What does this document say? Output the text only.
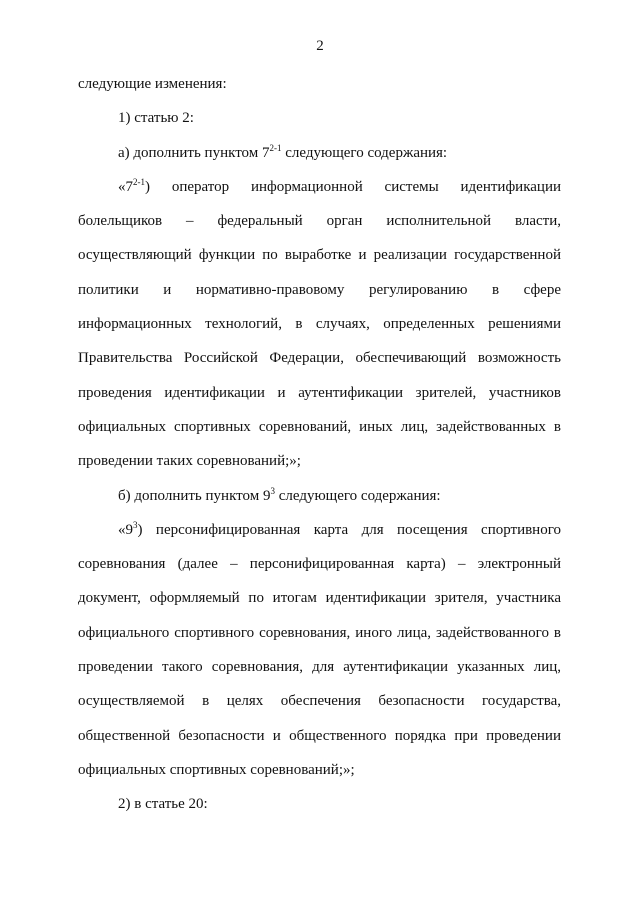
2

следующие изменения:

1) статью 2:

а) дополнить пунктом 7$^{2-1}$ следующего содержания:

«7$^{2-1}$) оператор информационной системы идентификации

болельщиков – федеральный орган исполнительной власти,

осуществляющий функции по выработке и реализации государственной

политики и нормативно-правовому регулированию в сфере

информационных технологий, в случаях, определенных решениями

Правительства Российской Федерации, обеспечивающий возможность

проведения идентификации и аутентификации зрителей, участников

официальных спортивных соревнований, иных лиц, задействованных в

проведении таких соревнований;»;

б) дополнить пунктом $9^3$ следующего содержания:

«$9^3$) персонифицированная карта для посещения спортивного

соревнования (далее – персонифицированная карта) – электронный

документ, оформляемый по итогам идентификации зрителя, участника

официального спортивного соревнования, иного лица, задействованного в

проведении такого соревнования, для аутентификации указанных лиц,

осуществляемой в целях обеспечения безопасности государства,

общественной безопасности и общественного порядка при проведении

официальных спортивных соревнований;»;

2) в статье 20:
